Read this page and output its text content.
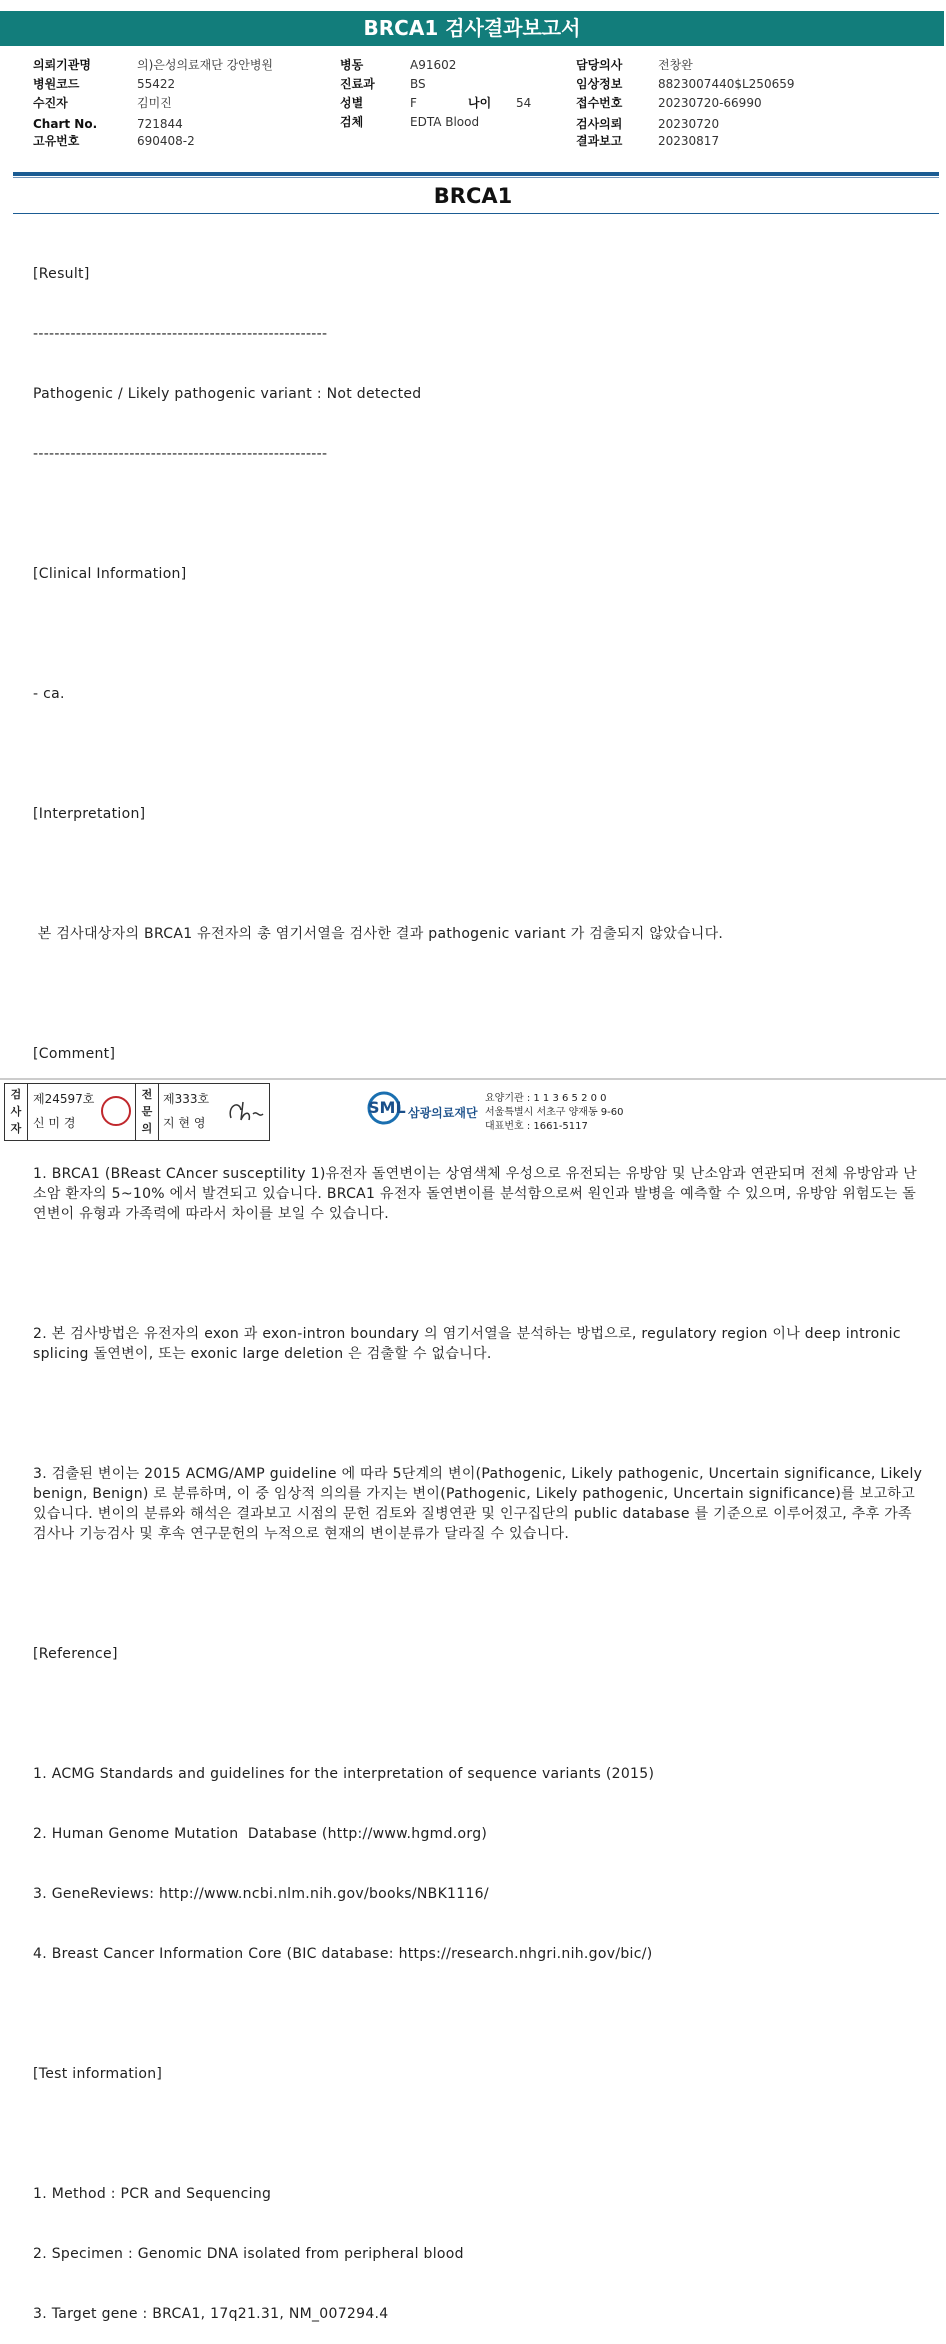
BRCA1 검사결과보고서
의뢰기관명	의)은성의료재단 강안병원
병원코드	55422
수진자	김미진
Chart No.	721844
고유번호	690408-2
병동	A91602
진료과	BS
성별	F
검체	EDTA Blood
나이 54
담당의사	전창완
임상정보	8823007440$L250659
접수번호	20230720-66990
검사의뢰	20230720
결과보고	20230817
BRCA1

[Result]

-------------------------------------------------------

Pathogenic / Likely pathogenic variant : Not detected

-------------------------------------------------------

[Clinical Information]

- ca.

[Interpretation]

본 검사대상자의 BRCA1 유전자의 총 염기서열을 검사한 결과 pathogenic variant 가 검출되지 않았습니다.

[Comment]

1. BRCA1 (BReast CAncer susceptility 1)유전자 돌연변이는 상염색체 우성으로 유전되는 유방암 및 난소암과 연관되며 전체 유방암과 난소암 환자의 5~10% 에서 발견되고 있습니다. BRCA1 유전자 돌연변이를 분석함으로써 원인과 발병을 예측할 수 있으며, 유방암 위험도는 돌연변이 유형과 가족력에 따라서 차이를 보일 수 있습니다.

2. 본 검사방법은 유전자의 exon 과 exon-intron boundary 의 염기서열을 분석하는 방법으로, regulatory region 이나 deep intronic splicing 돌연변이, 또는 exonic large deletion 은 검출할 수 없습니다.

3. 검출된 변이는 2015 ACMG/AMP guideline 에 따라 5단계의 변이(Pathogenic, Likely pathogenic, Uncertain significance, Likely benign, Benign) 로 분류하며, 이 중 임상적 의의를 가지는 변이(Pathogenic, Likely pathogenic, Uncertain significance)를 보고하고 있습니다. 변이의 분류와 해석은 결과보고 시점의 문헌 검토와 질병연관 및 인구집단의 public database 를 기준으로 이루어졌고, 추후 가족검사나 기능검사 및 후속 연구문헌의 누적으로 현재의 변이분류가 달라질 수 있습니다.

[Reference]

1. ACMG Standards and guidelines for the interpretation of sequence variants (2015)

2. Human Genome Mutation  Database (http://www.hgmd.org)

3. GeneReviews: http://www.ncbi.nlm.nih.gov/books/NBK1116/

4. Breast Cancer Information Core (BIC database: https://research.nhgri.nih.gov/bic/)

[Test information]

1. Method : PCR and Sequencing

2. Specimen : Genomic DNA isolated from peripheral blood

3. Target gene : BRCA1, 17q21.31, NM_007294.4

검사자
제24597호
신 미 경
전문의
제333호
지 현 영
SML 삼광의료재단
요양기관 : 1 1 3 6 5 2 0 0
서울특별시 서초구 양재동 9-60
대표번호 : 1661-5117
